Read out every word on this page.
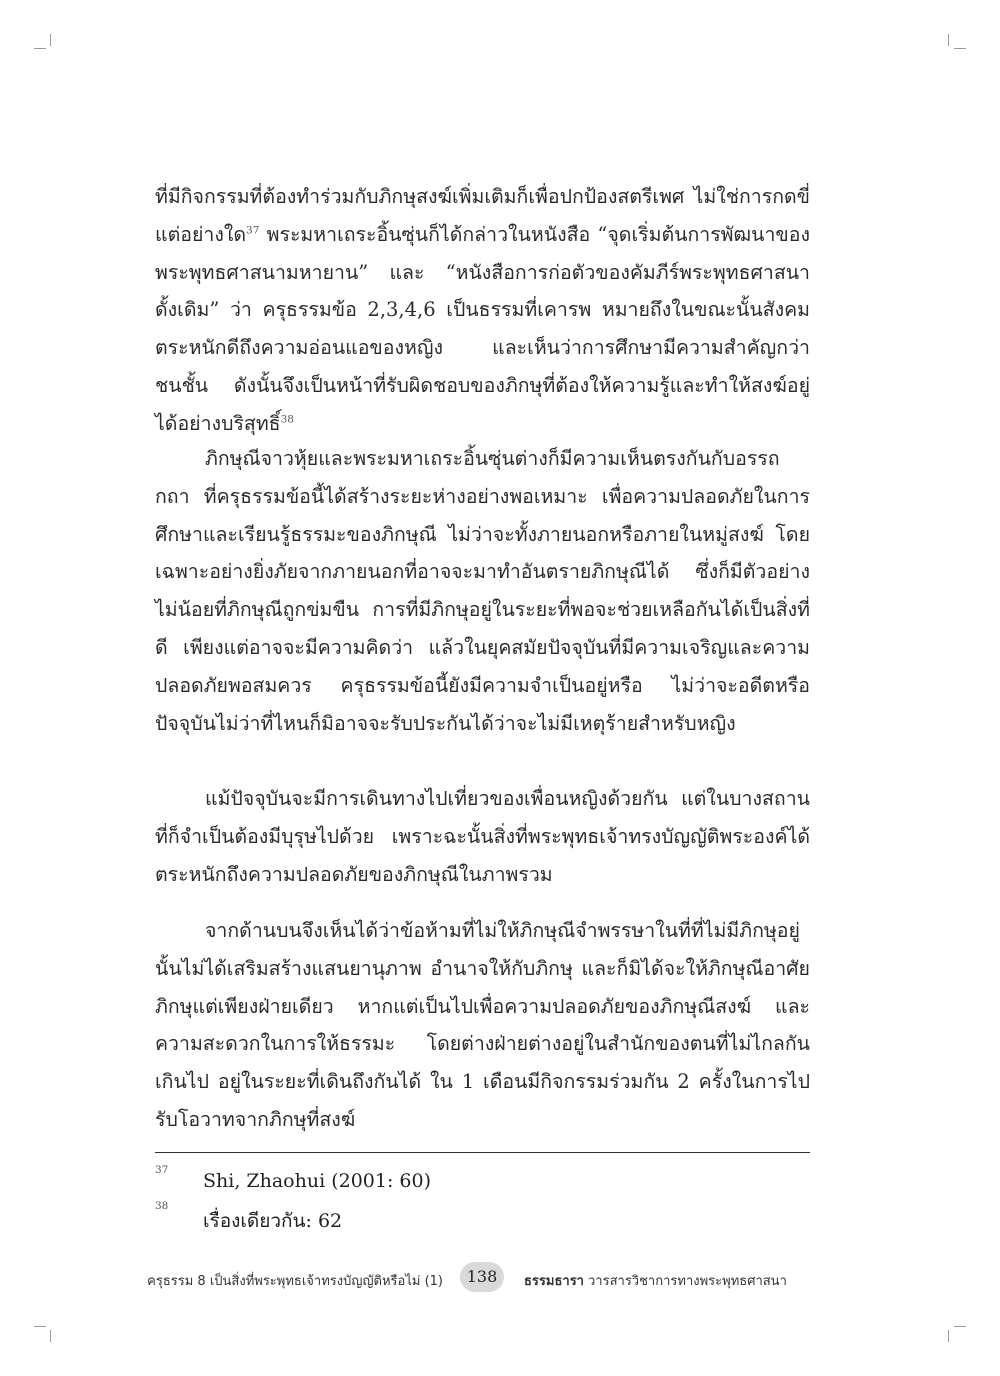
ที่มีกิจกรรมที่ต้องทำร่วมกับภิกษุสงฆ์เพิ่มเติมก็เพื่อปกป้องสตรีเพศ ไม่ใช่การกดขี่แต่อย่างใด$^{37}$ พระมหาเถระอิ้นซุ่นก็ได้กล่าวในหนังสือ “จุดเริ่มต้นการพัฒนาของพระพุทธศาสนามหายาน” และ “หนังสือการก่อตัวของคัมภีร์พระพุทธศาสนาดั้งเดิม” ว่า ครุธรรมข้อ 2,3,4,6 เป็นธรรมที่เคารพ หมายถึงในขณะนั้นสังคมตระหนักดีถึงความอ่อนแอของหญิง และเห็นว่าการศึกษามีความสำคัญกว่าชนชั้น ดังนั้นจึงเป็นหน้าที่รับผิดชอบของภิกษุที่ต้องให้ความรู้และทำให้สงฆ์อยู่ได้อย่างบริสุทธิ์$^{38}$

ภิกษุณีจาวหุ้ยและพระมหาเถระอิ้นซุ่นต่างก็มีความเห็นตรงกันกับอรรถกถา ที่ครุธรรมข้อนี้ได้สร้างระยะห่างอย่างพอเหมาะ เพื่อความปลอดภัยในการศึกษาและเรียนรู้ธรรมะของภิกษุณี ไม่ว่าจะทั้งภายนอกหรือภายในหมู่สงฆ์ โดยเฉพาะอย่างยิ่งภัยจากภายนอกที่อาจจะมาทำอันตรายภิกษุณีได้ ซึ่งก็มีตัวอย่างไม่น้อยที่ภิกษุณีถูกข่มขืน การที่มีภิกษุอยู่ในระยะที่พอจะช่วยเหลือกันได้เป็นสิ่งที่ดี เพียงแต่อาจจะมีความคิดว่า แล้วในยุคสมัยปัจจุบันที่มีความเจริญและความปลอดภัยพอสมควร ครุธรรมข้อนี้ยังมีความจำเป็นอยู่หรือ ไม่ว่าจะอดีตหรือปัจจุบันไม่ว่าที่ไหนก็มิอาจจะรับประกันได้ว่าจะไม่มีเหตุร้ายสำหรับหญิง

แม้ปัจจุบันจะมีการเดินทางไปเที่ยวของเพื่อนหญิงด้วยกัน แต่ในบางสถานที่ก็จำเป็นต้องมีบุรุษไปด้วย เพราะฉะนั้นสิ่งที่พระพุทธเจ้าทรงบัญญัติพระองค์ได้ตระหนักถึงความปลอดภัยของภิกษุณีในภาพรวม

จากด้านบนจึงเห็นได้ว่าข้อห้ามที่ไม่ให้ภิกษุณีจำพรรษาในที่ที่ไม่มีภิกษุอยู่นั้นไม่ได้เสริมสร้างแสนยานุภาพ อำนาจให้กับภิกษุ และก็มิได้จะให้ภิกษุณีอาศัยภิกษุแต่เพียงฝ่ายเดียว หากแต่เป็นไปเพื่อความปลอดภัยของภิกษุณีสงฆ์ และความสะดวกในการให้ธรรมะ โดยต่างฝ่ายต่างอยู่ในสำนักของตนที่ไม่ไกลกันเกินไป อยู่ในระยะที่เดินถึงกันได้ ใน 1 เดือนมีกิจกรรมร่วมกัน 2 ครั้งในการไปรับโอวาทจากภิกษุที่สงฆ์

37 Shi, Zhaohui (2001: 60)
38
เรื่องเดียวกัน: 62
ครุธรรม 8 เป็นสิ่งที่พระพุทธเจ้าทรงบัญญัติหรือไม่ (1)	138	ธรรมธารา วารสารวิชาการทางพระพุทธศาสนา
